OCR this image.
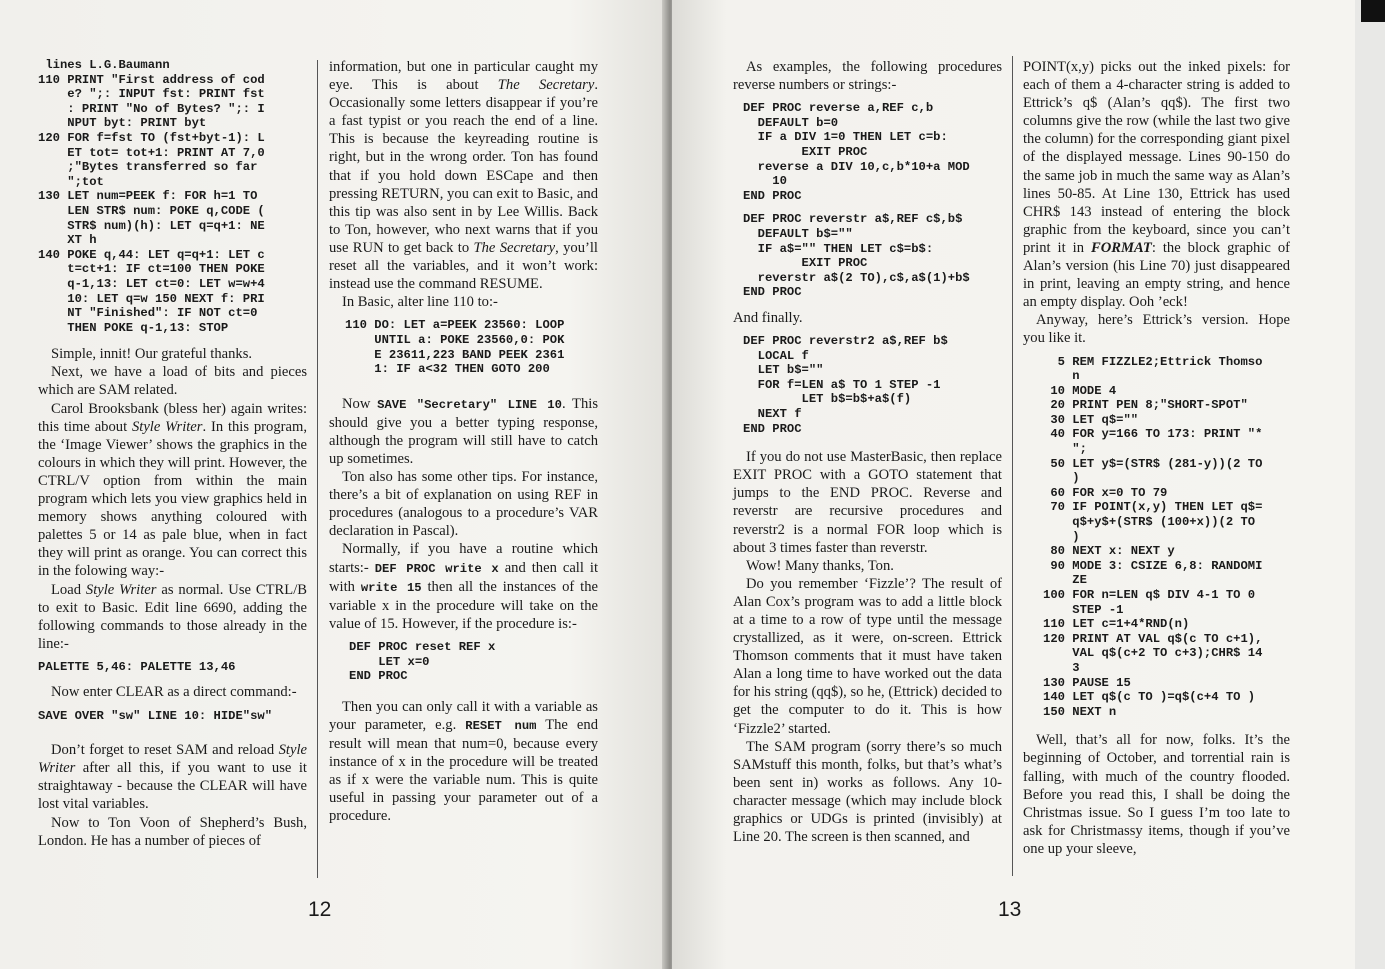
lines L.G.Baumann
110 PRINT "First address of cod
e? ";: INPUT fst: PRINT fst
: PRINT "No of Bytes? ";: I
NPUT byt: PRINT byt
120 FOR f=fst TO (fst+byt-1): L
ET tot= tot+1: PRINT AT 7,0
;"Bytes transferred so far
";tot
130 LET num=PEEK f: FOR h=1 TO
LEN STR$ num: POKE q,CODE (
STR$ num)(h): LET q=q+1: NE
XT h
140 POKE q,44: LET q=q+1: LET c
t=ct+1: IF ct=100 THEN POKE
q-1,13: LET ct=0: LET w=w+4
10: LET q=w 150 NEXT f: PRI
NT "Finished": IF NOT ct=0
THEN POKE q-1,13: STOP

Simple, innit! Our grateful thanks.

Next, we have a load of bits and pieces which are SAM related.

Carol Brooksbank (bless her) again writes: this time about Style Writer. In this program, the ‘Image Viewer’ shows the graphics in the colours in which they will print. However, the CTRL/V option from within the main program which lets you view graphics held in memory shows anything coloured with palettes 5 or 14 as pale blue, when in fact they will print as orange. You can correct this in the folowing way:-

Load Style Writer as normal. Use CTRL/B to exit to Basic. Edit line 6690, adding the following commands to those already in the line:-

PALETTE 5,46: PALETTE 13,46

Now enter CLEAR as a direct command:-

SAVE OVER "sw" LINE 10: HIDE"sw"

Don’t forget to reset SAM and reload Style Writer after all this, if you want to use it straightaway - because the CLEAR will have lost vital variables.

Now to Ton Voon of Shepherd’s Bush, London. He has a number of pieces of

information, but one in particular caught my eye. This is about The Secretary. Occasionally some letters disappear if you’re a fast typist or you reach the end of a line. This is because the keyreading routine is right, but in the wrong order. Ton has found that if you hold down ESCape and then pressing RETURN, you can exit to Basic, and this tip was also sent in by Lee Willis. Back to Ton, however, who next warns that if you use RUN to get back to The Secretary, you’ll reset all the variables, and it won’t work: instead use the command RESUME.

In Basic, alter line 110 to:-

110 DO: LET a=PEEK 23560: LOOP
UNTIL a: POKE 23560,0: POK
E 23611,223 BAND PEEK 2361
1: IF a<32 THEN GOTO 200

Now SAVE "Secretary" LINE 10. This should give you a better typing response, although the program will still have to catch up sometimes.

Ton also has some other tips. For instance, there’s a bit of explanation on using REF in procedures (analogous to a procedure’s VAR declaration in Pascal).

Normally, if you have a routine which starts:- DEF PROC write x and then call it with write 15 then all the instances of the variable x in the procedure will take on the value of 15. However, if the procedure is:-

DEF PROC reset REF x
LET x=0
END PROC

Then you can only call it with a variable as your parameter, e.g. RESET num The end result will mean that num=0, because every instance of x in the procedure will be treated as if x were the variable num. This is quite useful in passing your parameter out of a procedure.

12

As examples, the following procedures reverse numbers or strings:-

DEF PROC reverse a,REF c,b
DEFAULT b=0
IF a DIV 1=0 THEN LET c=b:
EXIT PROC
reverse a DIV 10,c,b*10+a MOD
10
END PROC
DEF PROC reverstr a$,REF c$,b$
DEFAULT b$=""
IF a$="" THEN LET c$=b$:
EXIT PROC
reverstr a$(2 TO),c$,a$(1)+b$
END PROC

And finally.

DEF PROC reverstr2 a$,REF b$
LOCAL f
LET b$=""
FOR f=LEN a$ TO 1 STEP -1
LET b$=b$+a$(f)
NEXT f
END PROC

If you do not use MasterBasic, then replace EXIT PROC with a GOTO statement that jumps to the END PROC. Reverse and reverstr are recursive procedures and reverstr2 is a normal FOR loop which is about 3 times faster than reverstr.

Wow! Many thanks, Ton.

Do you remember ‘Fizzle’? The result of Alan Cox’s program was to add a little block at a time to a row of type until the message crystallized, as it were, on-screen. Ettrick Thomson comments that it must have taken Alan a long time to have worked out the data for his string (qq$), so he, (Ettrick) decided to get the computer to do it. This is how ‘Fizzle2’ started.

The SAM program (sorry there’s so much SAMstuff this month, folks, but that’s what’s been sent in) works as follows. Any 10-character message (which may include block graphics or UDGs is printed (invisibly) at Line 20. The screen is then scanned, and

POINT(x,y) picks out the inked pixels: for each of them a 4-character string is added to Ettrick’s q$ (Alan’s qq$). The first two columns give the row (while the last two give the column) for the corresponding giant pixel of the displayed message. Lines 90-150 do the same job in much the same way as Alan’s lines 50-85. At Line 130, Ettrick has used CHR$ 143 instead of entering the block graphic from the keyboard, since you can’t print it in FORMAT: the block graphic of Alan’s version (his Line 70) just disappeared in print, leaving an empty string, and hence an empty display. Ooh ’eck!

Anyway, here’s Ettrick’s version. Hope you like it.

5 REM FIZZLE2;Ettrick Thomso
n
10 MODE 4
20 PRINT PEN 8;"SHORT-SPOT"
30 LET q$=""
40 FOR y=166 TO 173: PRINT "*
";
50 LET y$=(STR$ (281-y))(2 TO
)
60 FOR x=0 TO 79
70 IF POINT(x,y) THEN LET q$=
q$+y$+(STR$ (100+x))(2 TO
)
80 NEXT x: NEXT y
90 MODE 3: CSIZE 6,8: RANDOMI
ZE
100 FOR n=LEN q$ DIV 4-1 TO 0
STEP -1
110 LET c=1+4*RND(n)
120 PRINT AT VAL q$(c TO c+1),
VAL q$(c+2 TO c+3);CHR$ 14
3
130 PAUSE 15
140 LET q$(c TO )=q$(c+4 TO )
150 NEXT n

Well, that’s all for now, folks. It’s the beginning of October, and torrential rain is falling, with much of the country flooded. Before you read this, I shall be doing the Christmas issue. So I guess I’m too late to ask for Christmassy items, though if you’ve one up your sleeve,

13
